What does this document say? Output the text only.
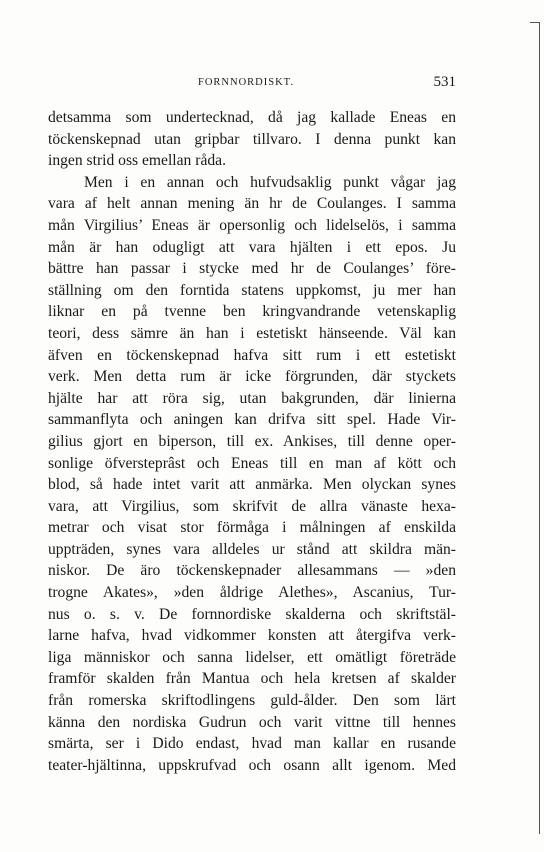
FORNNORDISKT.	531
detsamma som undertecknad, då jag kallade Eneas en
töckenskepnad utan gripbar tillvaro. I denna punkt kan
ingen strid oss emellan råda.
Men i en annan och hufvudsaklig punkt vågar jag
vara af helt annan mening än hr de Coulanges. I samma
mån Virgilius’ Eneas är opersonlig och lidelselös, i samma
mån är han odugligt att vara hjälten i ett epos. Ju
bättre han passar i stycke med hr de Coulanges’ före-
ställning om den forntida statens uppkomst, ju mer han
liknar en på tvenne ben kringvandrande vetenskaplig
teori, dess sämre än han i estetiskt hänseende. Väl kan
äfven en töckenskepnad hafva sitt rum i ett estetiskt
verk. Men detta rum är icke förgrunden, där styckets
hjälte har att röra sig, utan bakgrunden, där linierna
sammanflyta och aningen kan drifva sitt spel. Hade Vir-
gilius gjort en biperson, till ex. Ankises, till denne oper-
sonlige öfversteprâst och Eneas till en man af kött och
blod, så hade intet varit att anmärka. Men olyckan synes
vara, att Virgilius, som skrifvit de allra vänaste hexa-
metrar och visat stor förmåga i målningen af enskilda
uppträden, synes vara alldeles ur stånd att skildra män-
niskor. De äro töckenskepnader allesammans — »den
trogne Akates», »den åldrige Alethes», Ascanius, Tur-
nus o. s. v. De fornnordiske skalderna och skriftstäl-
larne hafva, hvad vidkommer konsten att återgifva verk-
liga människor och sanna lidelser, ett omätligt företräde
framför skalden från Mantua och hela kretsen af skalder
från romerska skriftodlingens guld-ålder. Den som lärt
känna den nordiska Gudrun och varit vittne till hennes
smärta, ser i Dido endast, hvad man kallar en rusande
teater-hjältinna, uppskrufvad och osann allt igenom. Med
